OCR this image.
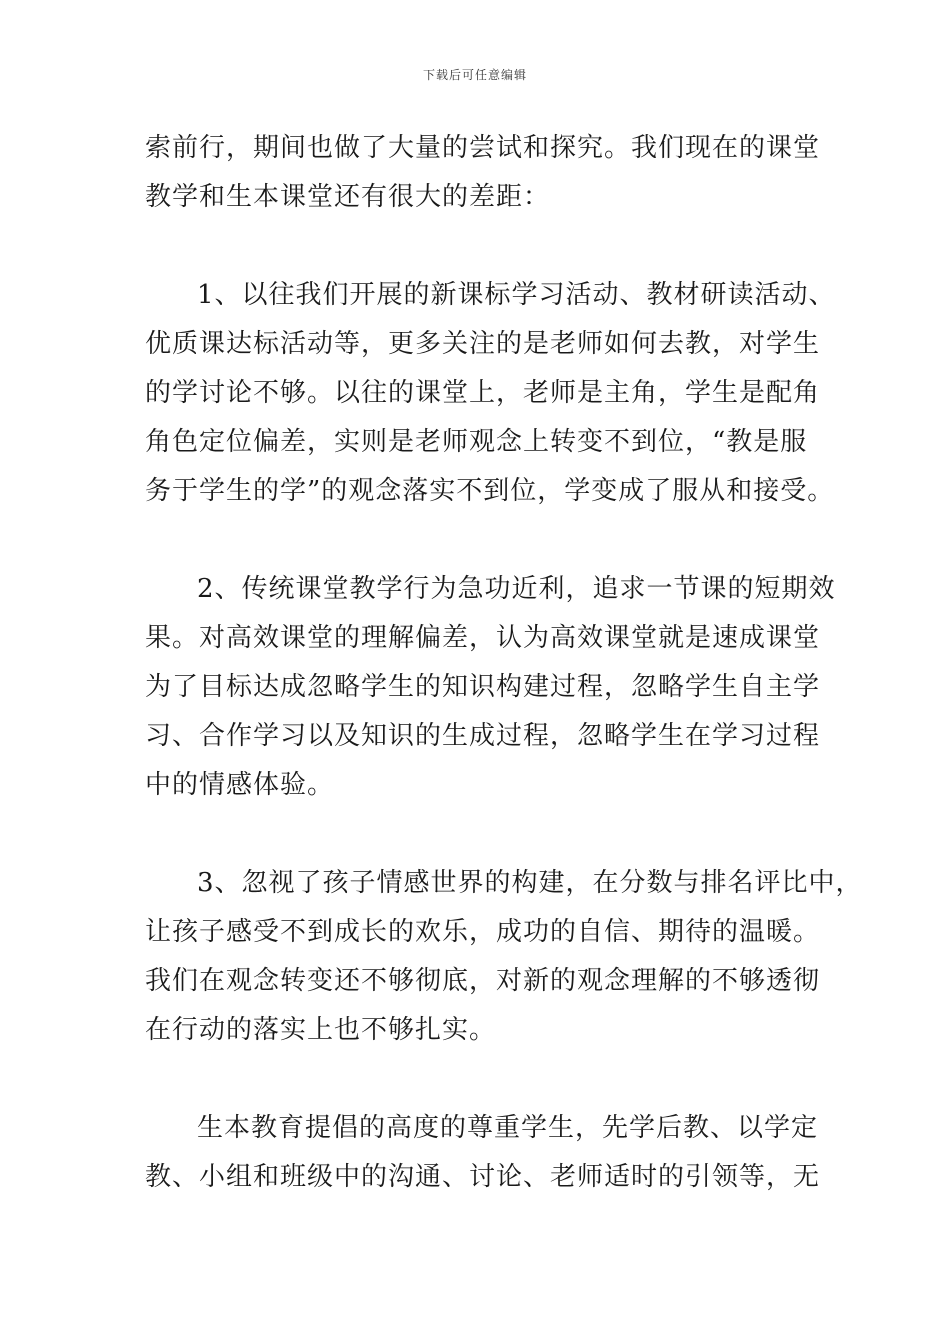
下载后可任意编辑
索前行，期间也做了大量的尝试和探究。我们现在的课堂
教学和生本课堂还有很大的差距：
1、以往我们开展的新课标学习活动、教材研读活动、
优质课达标活动等，更多关注的是老师如何去教，对学生
的学讨论不够。以往的课堂上，老师是主角，学生是配角
角色定位偏差，实则是老师观念上转变不到位，“教是服
务于学生的学”的观念落实不到位，学变成了服从和接受。
2、传统课堂教学行为急功近利，追求一节课的短期效
果。对高效课堂的理解偏差，认为高效课堂就是速成课堂
为了目标达成忽略学生的知识构建过程，忽略学生自主学
习、合作学习以及知识的生成过程，忽略学生在学习过程
中的情感体验。
3、忽视了孩子情感世界的构建，在分数与排名评比中，
让孩子感受不到成长的欢乐，成功的自信、期待的温暖。
我们在观念转变还不够彻底，对新的观念理解的不够透彻
在行动的落实上也不够扎实。
生本教育提倡的高度的尊重学生，先学后教、以学定
教、小组和班级中的沟通、讨论、老师适时的引领等，无
